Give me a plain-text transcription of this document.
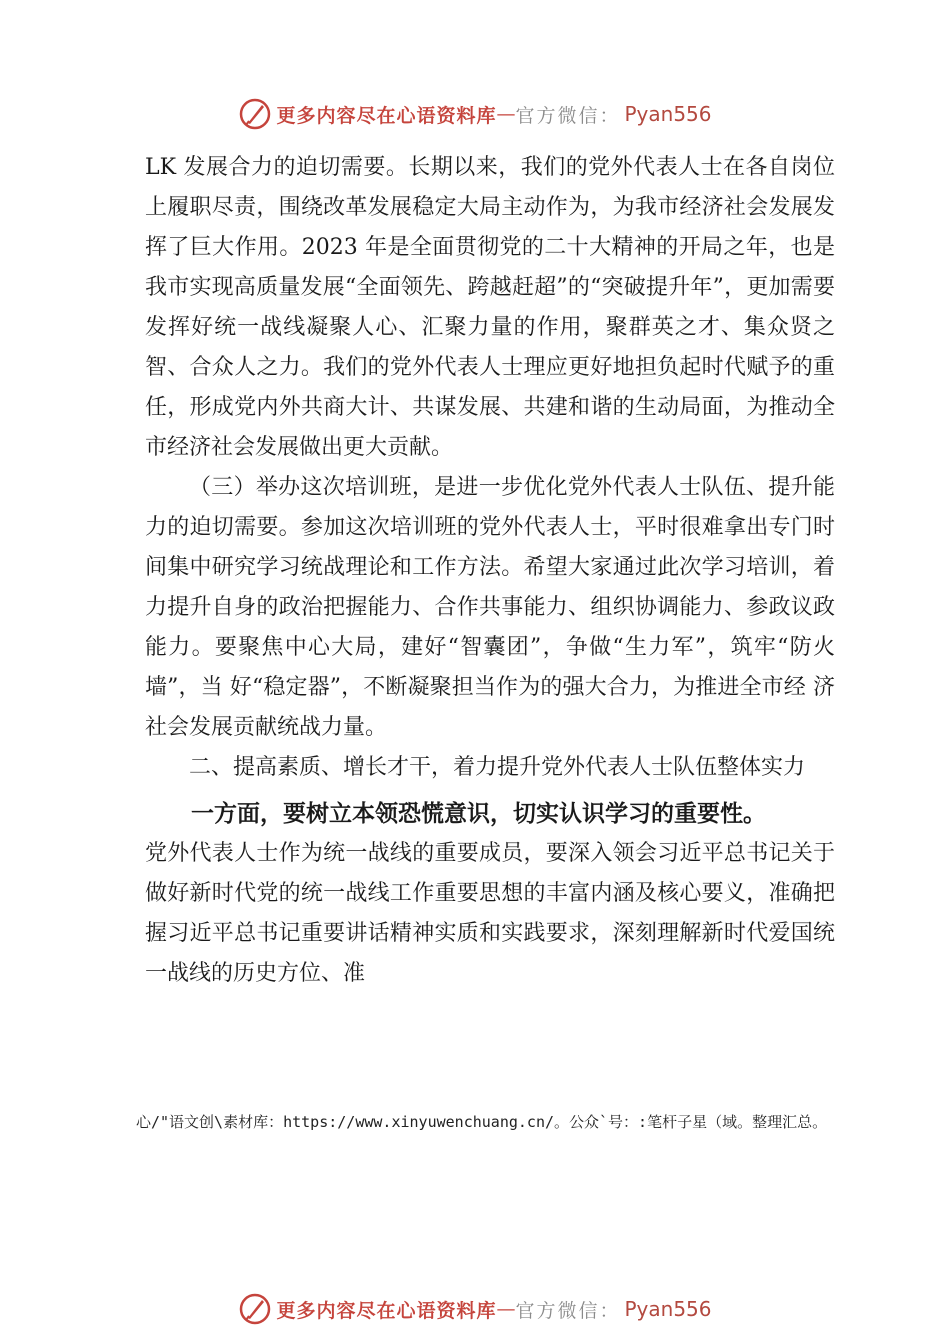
更多内容尽在心语资料库 — 官方微信： Pyan556

LK 发展合力的迫切需要。长期以来，我们的党外代表人士在各自岗位上履职尽责，围绕改革发展稳定大局主动作为，为我市经济社会发展发挥了巨大作用。2023 年是全面贯彻党的二十大精神的开局之年，也是我市实现高质量发展“全面领先、跨越赶超”的“突破提升年”，更加需要发挥好统一战线凝聚人心、汇聚力量的作用，聚群英之才、集众贤之智、合众人之力。我们的党外代表人士理应更好地担负起时代赋予的重任，形成党内外共商大计、共谋发展、共建和谐的生动局面，为推动全市经济社会发展做出更大贡献。

（三）举办这次培训班，是进一步优化党外代表人士队伍、提升能力的迫切需要。参加这次培训班的党外代表人士，平时很难拿出专门时间集中研究学习统战理论和工作方法。希望大家通过此次学习培训，着力提升自身的政治把握能力、合作共事能力、组织协调能力、参政议政能力。要聚焦中心大局，建好“智囊团”，争做“生力军”，筑牢“防火墙”，当 好“稳定器”，不断凝聚担当作为的强大合力，为推进全市经 济社会发展贡献统战力量。

二、提高素质、增长才干，着力提升党外代表人士队伍整体实力

一方面，要树立本领恐慌意识，切实认识学习的重要性。

党外代表人士作为统一战线的重要成员，要深入领会习近平总书记关于做好新时代党的统一战线工作重要思想的丰富内涵及核心要义，准确把握习近平总书记重要讲话精神实质和实践要求，深刻理解新时代爱国统一战线的历史方位、准

心/"语文创\素材库：https://www.xinyuwenchuang.cn/。公众`号：:笔杆子星（域。整理汇总。
更多内容尽在心语资料库 — 官方微信： Pyan556
